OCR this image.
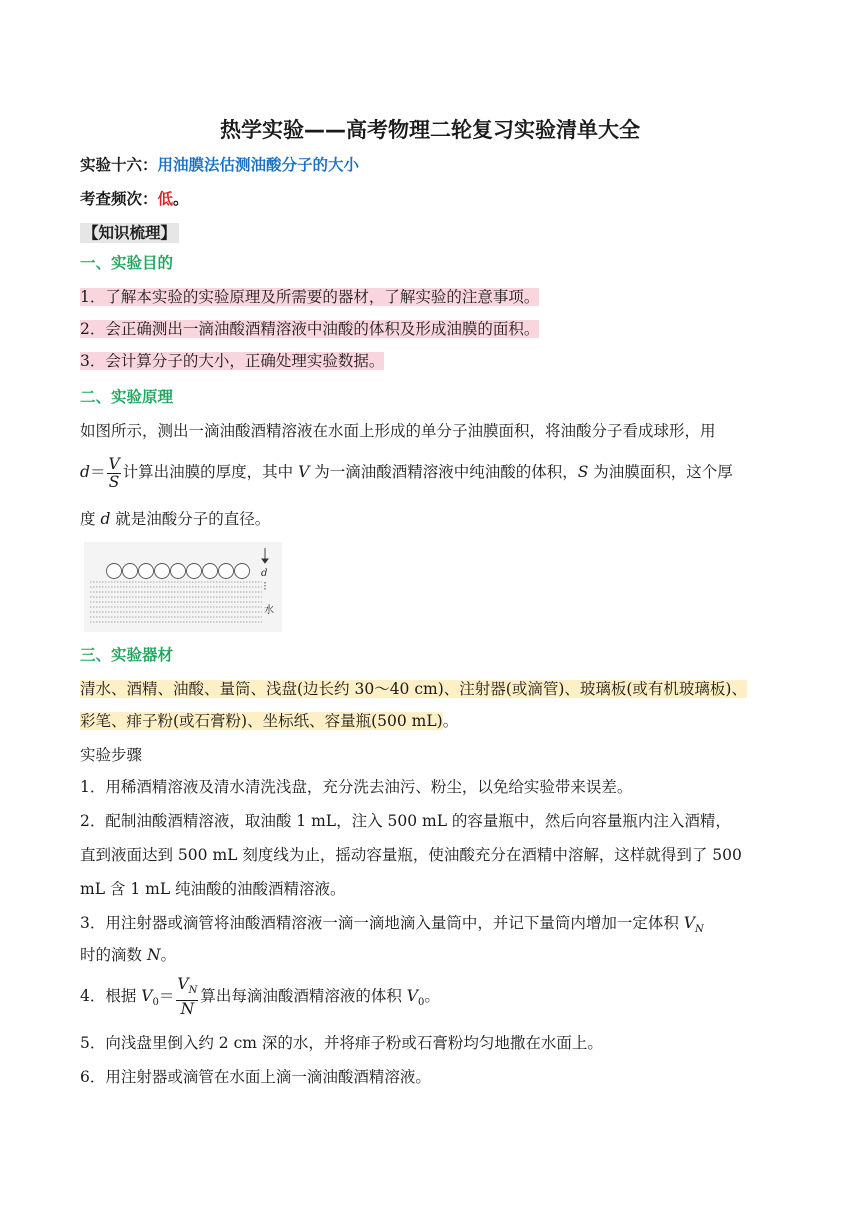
热学实验——高考物理二轮复习实验清单大全
实验十六：用油膜法估测油酸分子的大小
考查频次：低。
【知识梳理】
一、实验目的
1．了解本实验的实验原理及所需要的器材，了解实验的注意事项。
2．会正确测出一滴油酸酒精溶液中油酸的体积及形成油膜的面积。
3．会计算分子的大小，正确处理实验数据。
二、实验原理
如图所示，测出一滴油酸酒精溶液在水面上形成的单分子油膜面积，将油酸分子看成球形，用
$d= \frac{V}{S}$ 计算出油膜的厚度，其中 V 为一滴油酸酒精溶液中纯油酸的体积，S 为油膜面积，这个厚
度 d 就是油酸分子的直径。
d
水
三、实验器材
清水、酒精、油酸、量筒、浅盘(边长约 30～40 cm)、注射器(或滴管)、玻璃板(或有机玻璃板)、
彩笔、痱子粉(或石膏粉)、坐标纸、容量瓶(500 mL)。
实验步骤
1．用稀酒精溶液及清水清洗浅盘，充分洗去油污、粉尘，以免给实验带来误差。
2．配制油酸酒精溶液，取油酸 1 mL，注入 500 mL 的容量瓶中，然后向容量瓶内注入酒精，
直到液面达到 500 mL 刻度线为止，摇动容量瓶，使油酸充分在酒精中溶解，这样就得到了 500
mL 含 1 mL 纯油酸的油酸酒精溶液。
3．用注射器或滴管将油酸酒精溶液一滴一滴地滴入量筒中，并记下量筒内增加一定体积 $V_N$
时的滴数 N。
4．根据 $V_0= \frac{V_N}{N}$ 算出每滴油酸酒精溶液的体积 $V_0$。
5．向浅盘里倒入约 2 cm 深的水，并将痱子粉或石膏粉均匀地撒在水面上。
6．用注射器或滴管在水面上滴一滴油酸酒精溶液。
